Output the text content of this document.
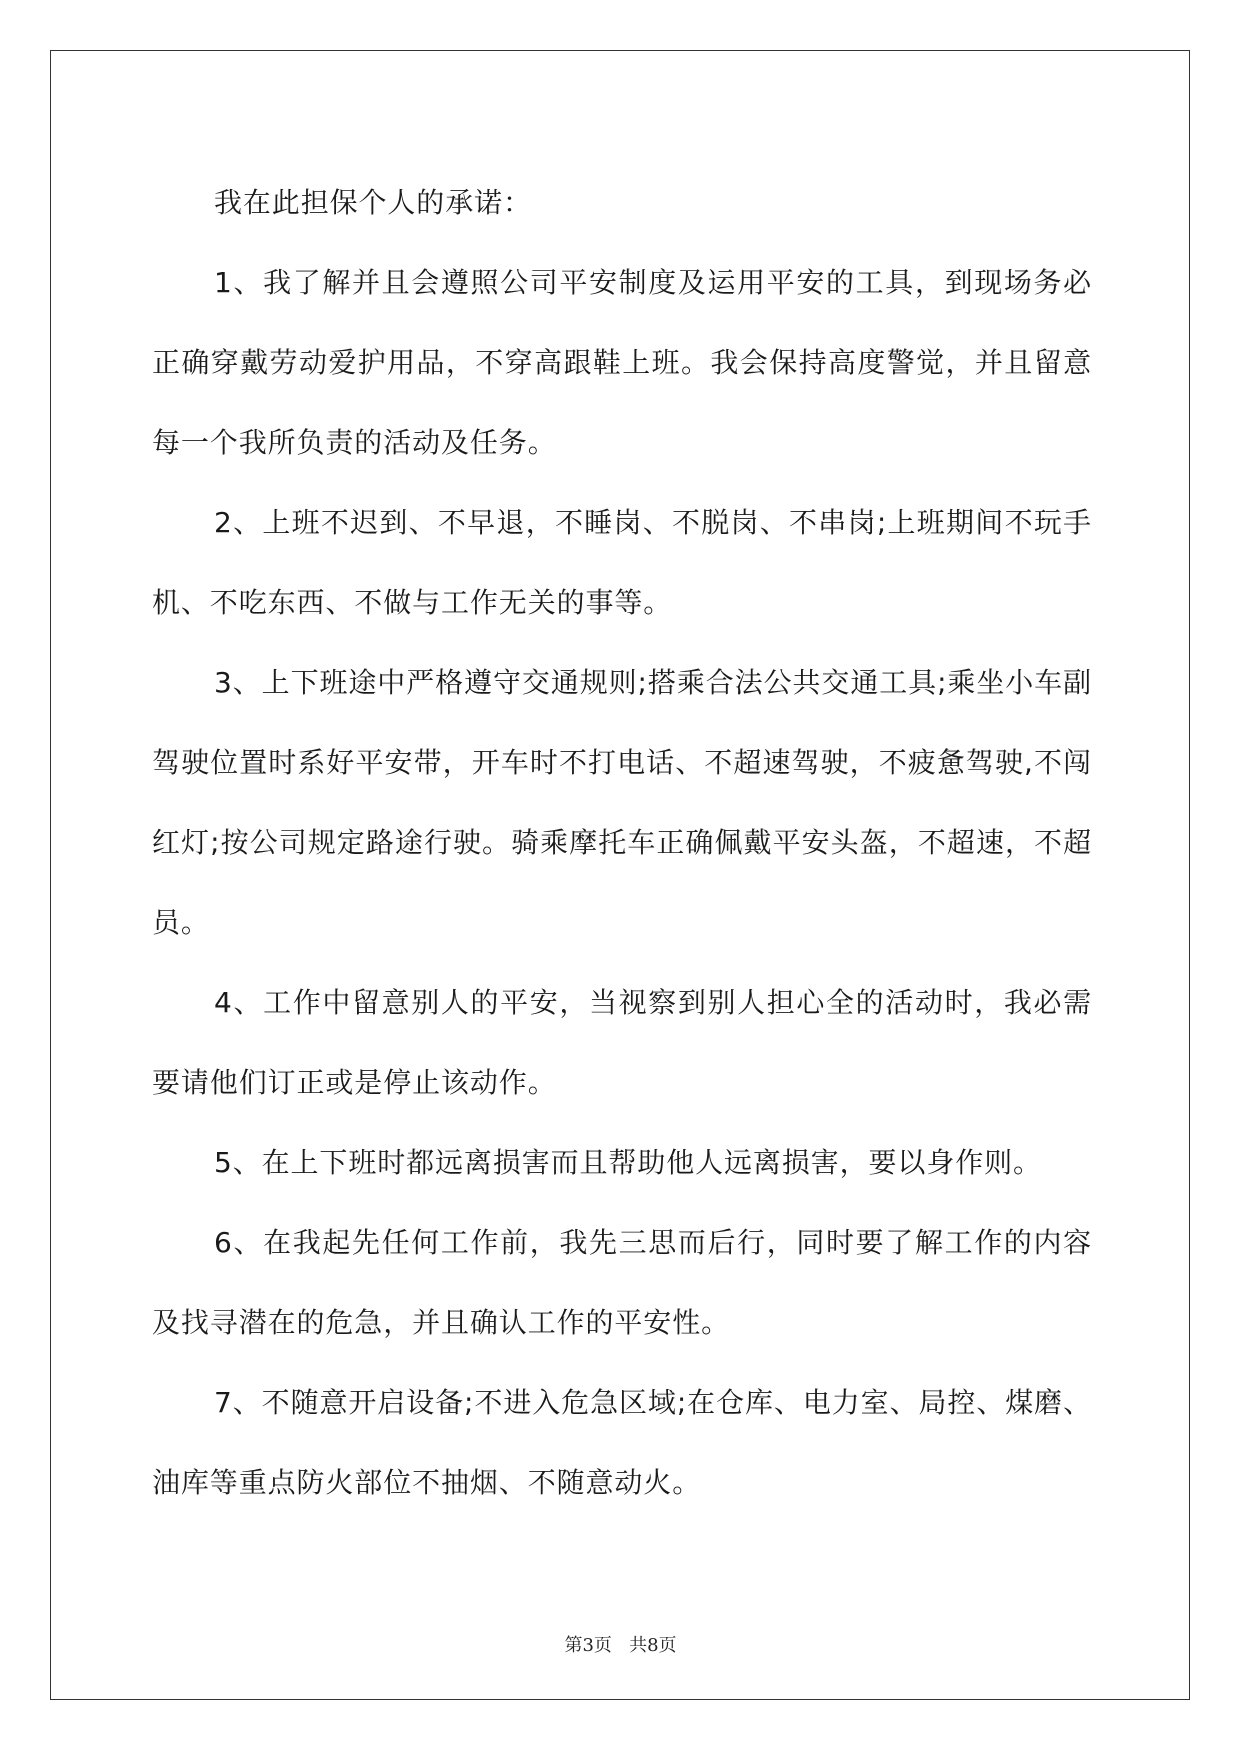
我在此担保个人的承诺：

1、我了解并且会遵照公司平安制度及运用平安的工具，到现场务必正确穿戴劳动爱护用品，不穿高跟鞋上班。我会保持高度警觉，并且留意每一个我所负责的活动及任务。

2、上班不迟到、不早退，不睡岗、不脱岗、不串岗;上班期间不玩手机、不吃东西、不做与工作无关的事等。

3、上下班途中严格遵守交通规则;搭乘合法公共交通工具;乘坐小车副驾驶位置时系好平安带，开车时不打电话、不超速驾驶，不疲惫驾驶,不闯红灯;按公司规定路途行驶。骑乘摩托车正确佩戴平安头盔，不超速，不超员。

4、工作中留意别人的平安，当视察到别人担心全的活动时，我必需要请他们订正或是停止该动作。

5、在上下班时都远离损害而且帮助他人远离损害，要以身作则。

6、在我起先任何工作前，我先三思而后行，同时要了解工作的内容及找寻潜在的危急，并且确认工作的平安性。

7、不随意开启设备;不进入危急区域;在仓库、电力室、局控、煤磨、油库等重点防火部位不抽烟、不随意动火。

第3页   共8页
